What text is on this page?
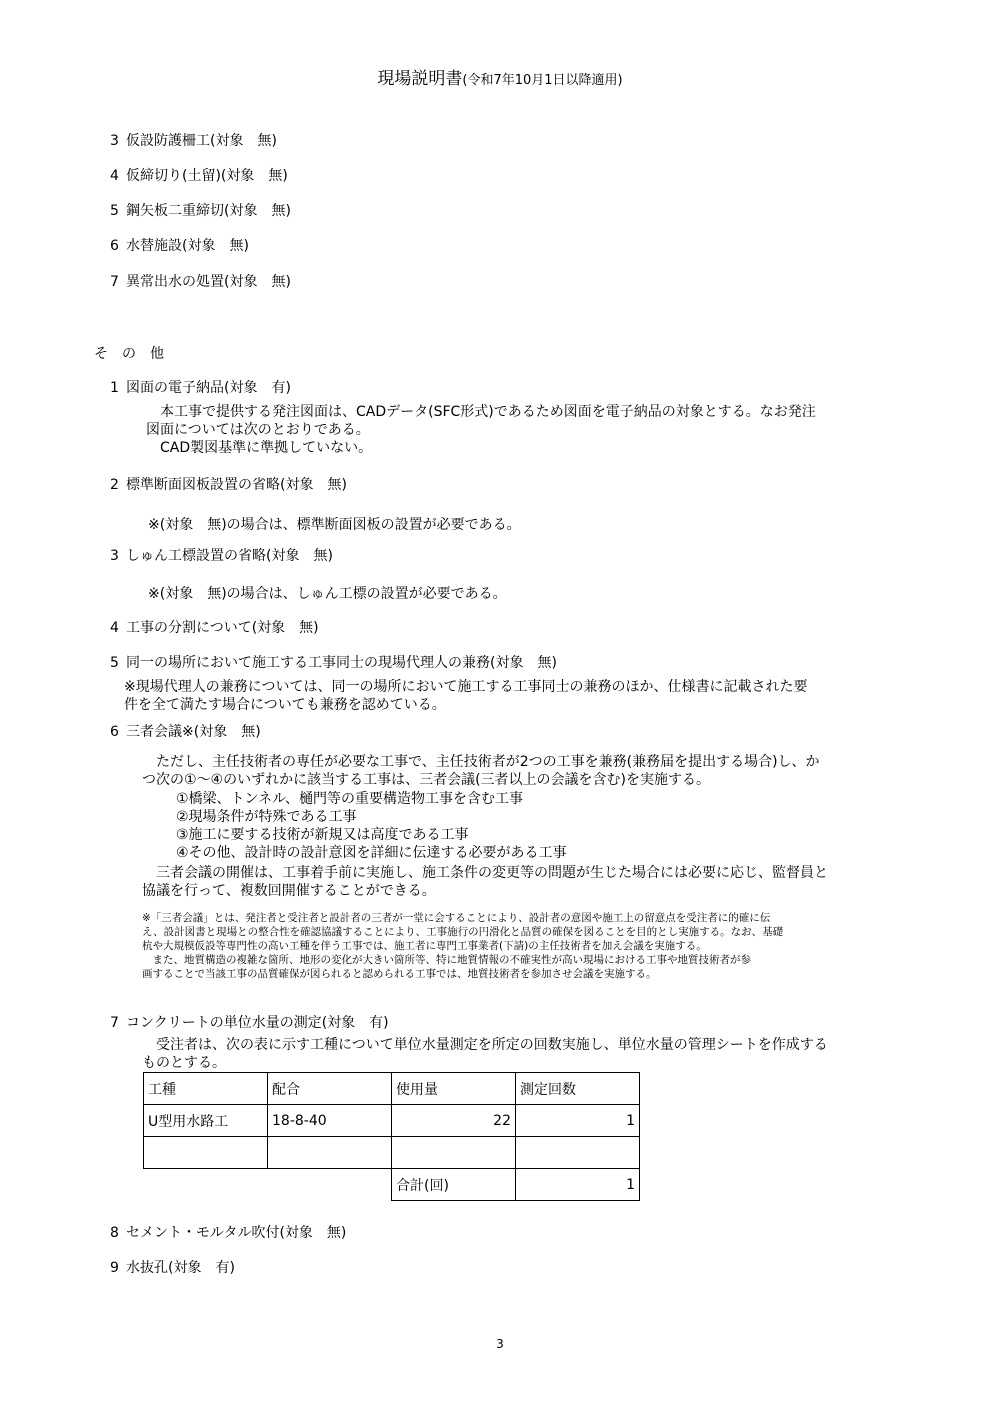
現場説明書(令和7年10月1日以降適用)
3 仮設防護柵工(対象　無)
4 仮締切り(土留)(対象　無)
5 鋼矢板二重締切(対象　無)
6 水替施設(対象　無)
7 異常出水の処置(対象　無)
そ　の　他
1 図面の電子納品(対象　有)
　本工事で提供する発注図面は、CADデータ(SFC形式)であるため図面を電子納品の対象とする。なお発注
図面については次のとおりである。
　CAD製図基準に準拠していない。
2 標準断面図板設置の省略(対象　無)
※(対象　無)の場合は、標準断面図板の設置が必要である。
3 しゅん工標設置の省略(対象　無)
※(対象　無)の場合は、しゅん工標の設置が必要である。
4 工事の分割について(対象　無)
5 同一の場所において施工する工事同士の現場代理人の兼務(対象　無)
※現場代理人の兼務については、同一の場所において施工する工事同士の兼務のほか、仕様書に記載された要
件を全て満たす場合についても兼務を認めている。
6 三者会議※(対象　無)
　ただし、主任技術者の専任が必要な工事で、主任技術者が2つの工事を兼務(兼務届を提出する場合)し、か
つ次の①～④のいずれかに該当する工事は、三者会議(三者以上の会議を含む)を実施する。
①橋梁、トンネル、樋門等の重要構造物工事を含む工事
②現場条件が特殊である工事
③施工に要する技術が新規又は高度である工事
④その他、設計時の設計意図を詳細に伝達する必要がある工事
　三者会議の開催は、工事着手前に実施し、施工条件の変更等の問題が生じた場合には必要に応じ、監督員と
協議を行って、複数回開催することができる。
※「三者会議」とは、発注者と受注者と設計者の三者が一堂に会することにより、設計者の意図や施工上の留意点を受注者に的確に伝
え、設計図書と現場との整合性を確認協議することにより、工事施行の円滑化と品質の確保を図ることを目的とし実施する。なお、基礎
杭や大規模仮設等専門性の高い工種を伴う工事では、施工者に専門工事業者(下請)の主任技術者を加え会議を実施する。
　また、地質構造の複雑な箇所、地形の変化が大きい箇所等、特に地質情報の不確実性が高い現場における工事や地質技術者が参
画することで当該工事の品質確保が図られると認められる工事では、地質技術者を参加させ会議を実施する。
7 コンクリートの単位水量の測定(対象　有)
　受注者は、次の表に示す工種について単位水量測定を所定の回数実施し、単位水量の管理シートを作成する
ものとする。
工種	配合	使用量	測定回数
U型用水路工	18-8-40	22	1

		合計(回)	1
8 セメント・モルタル吹付(対象　無)
9 水抜孔(対象　有)
3
